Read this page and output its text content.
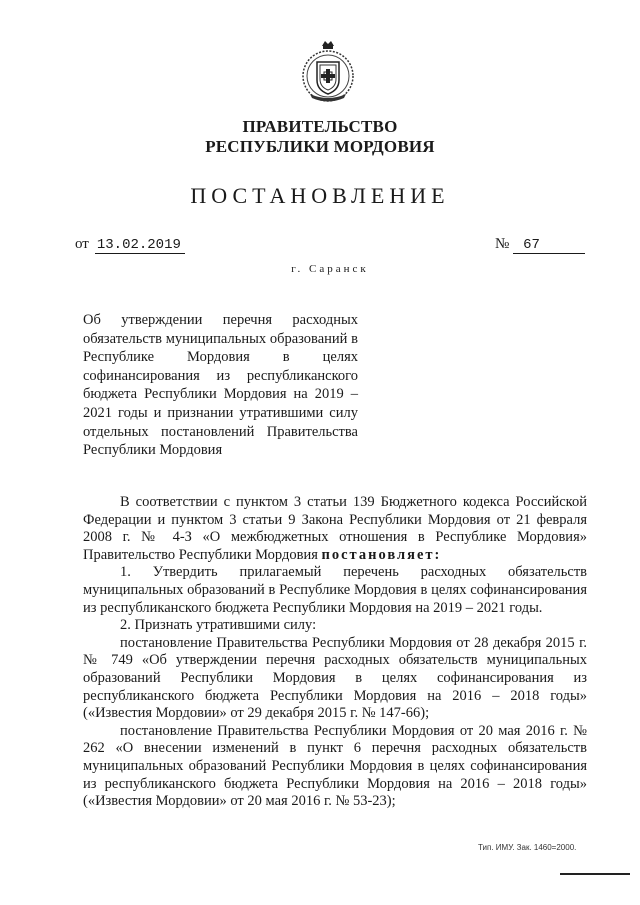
ПРАВИТЕЛЬСТВО
РЕСПУБЛИКИ МОРДОВИЯ
ПОСТАНОВЛЕНИЕ
от 13.02.2019	№ 67
г. Саранск
Об утверждении перечня расходных обязательств муниципальных образований в Республике Мордовия в целях софинансирования из республиканского бюджета Республики Мордовия на 2019 – 2021 годы и признании утратившими силу отдельных постановлений Правительства Республики Мордовия

В соответствии с пунктом 3 статьи 139 Бюджетного кодекса Российской Федерации и пунктом 3 статьи 9 Закона Республики Мордовия от 21 февраля 2008 г. № 4-З «О межбюджетных отношения в Республике Мордовия» Правительство Республики Мордовия постановляет:

1. Утвердить прилагаемый перечень расходных обязательств муниципальных образований в Республике Мордовия в целях софинансирования из республиканского бюджета Республики Мордовия на 2019 – 2021 годы.

2. Признать утратившими силу:

постановление Правительства Республики Мордовия от 28 декабря 2015 г. № 749 «Об утверждении перечня расходных обязательств муниципальных образований Республики Мордовия в целях софинансирования из республиканского бюджета Республики Мордовия на 2016 – 2018 годы» («Известия Мордовии» от 29 декабря 2015 г. № 147-66);

постановление Правительства Республики Мордовия от 20 мая 2016 г. № 262 «О внесении изменений в пункт 6 перечня расходных обязательств муниципальных образований Республики Мордовия в целях софинансирования из республиканского бюджета Республики Мордовия на 2016 – 2018 годы» («Известия Мордовии» от 20 мая 2016 г. № 53-23);

Тип. ИМУ. Зак. 1460=2000.
